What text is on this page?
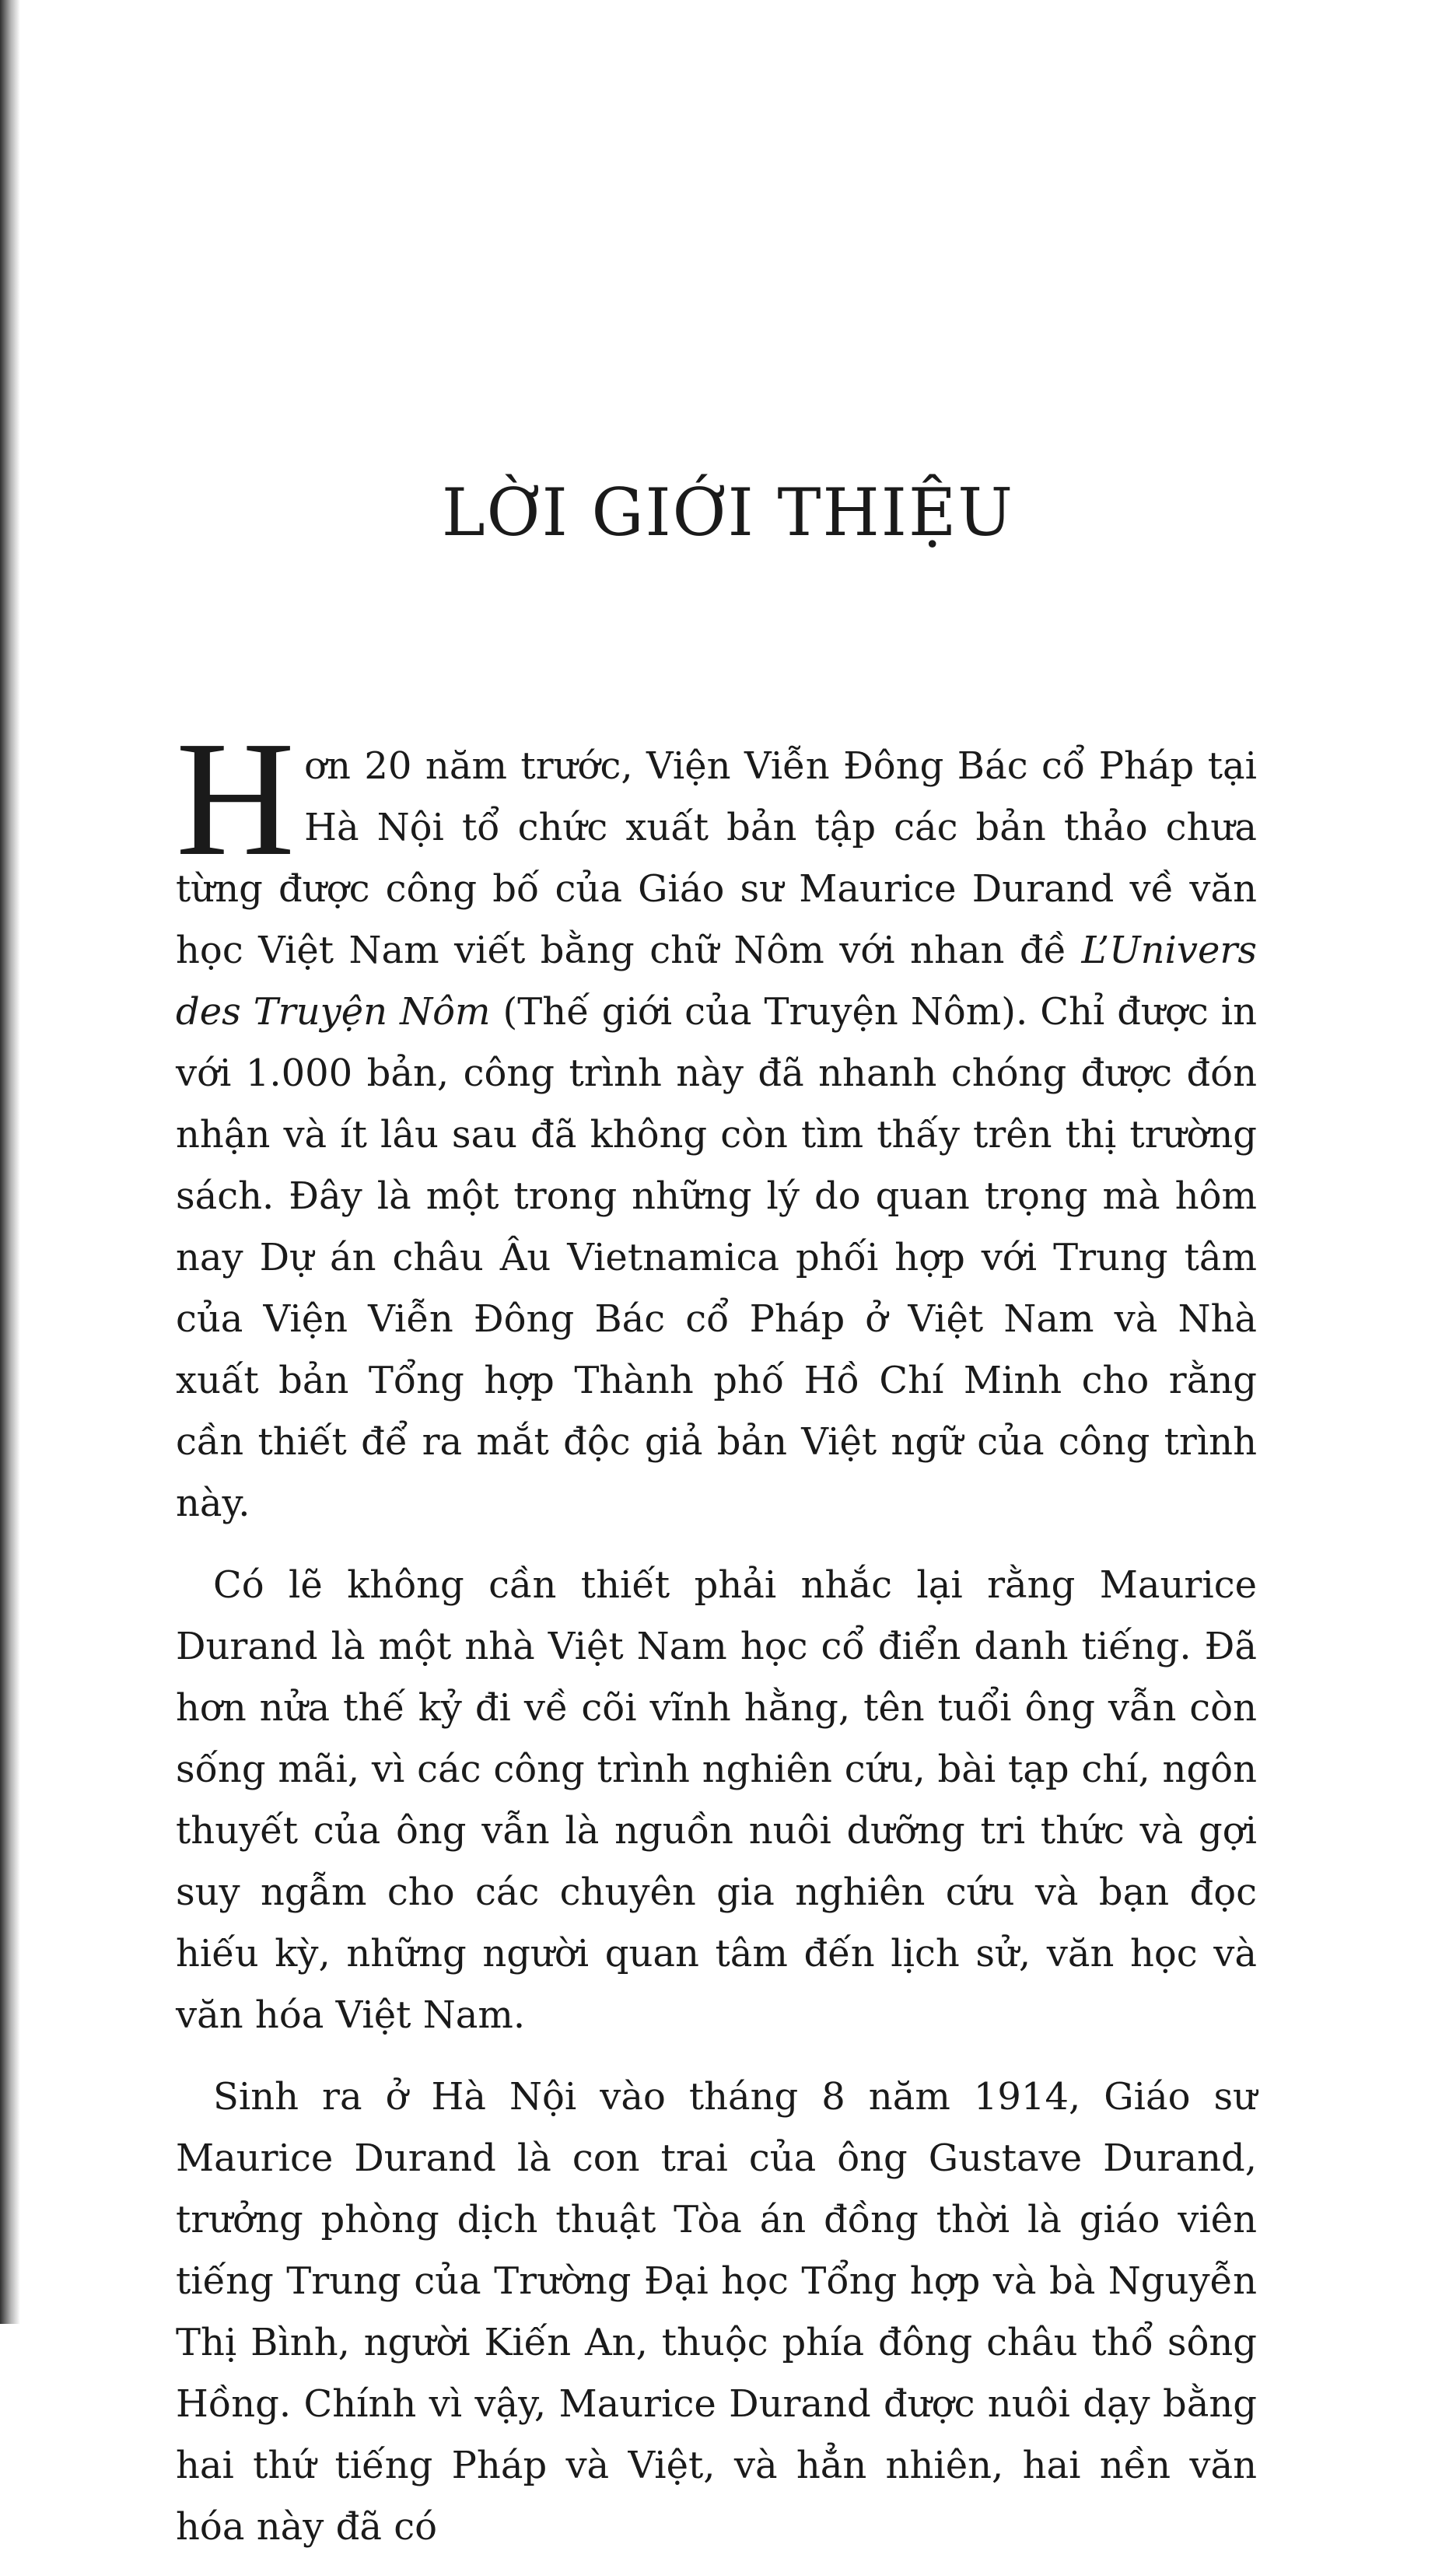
LỜI GIỚI THIỆU

Hơn 20 năm trước, Viện Viễn Đông Bác cổ Pháp tại Hà Nội tổ chức xuất bản tập các bản thảo chưa từng được công bố của Giáo sư Maurice Durand về văn học Việt Nam viết bằng chữ Nôm với nhan đề L’Univers des Truyện Nôm (Thế giới của Truyện Nôm). Chỉ được in với 1.000 bản, công trình này đã nhanh chóng được đón nhận và ít lâu sau đã không còn tìm thấy trên thị trường sách. Đây là một trong những lý do quan trọng mà hôm nay Dự án châu Âu Vietnamica phối hợp với Trung tâm của Viện Viễn Đông Bác cổ Pháp ở Việt Nam và Nhà xuất bản Tổng hợp Thành phố Hồ Chí Minh cho rằng cần thiết để ra mắt độc giả bản Việt ngữ của công trình này.

Có lẽ không cần thiết phải nhắc lại rằng Maurice Durand là một nhà Việt Nam học cổ điển danh tiếng. Đã hơn nửa thế kỷ đi về cõi vĩnh hằng, tên tuổi ông vẫn còn sống mãi, vì các công trình nghiên cứu, bài tạp chí, ngôn thuyết của ông vẫn là nguồn nuôi dưỡng tri thức và gợi suy ngẫm cho các chuyên gia nghiên cứu và bạn đọc hiếu kỳ, những người quan tâm đến lịch sử, văn học và văn hóa Việt Nam.

Sinh ra ở Hà Nội vào tháng 8 năm 1914, Giáo sư Maurice Durand là con trai của ông Gustave Durand, trưởng phòng dịch thuật Tòa án đồng thời là giáo viên tiếng Trung của Trường Đại học Tổng hợp và bà Nguyễn Thị Bình, người Kiến An, thuộc phía đông châu thổ sông Hồng. Chính vì vậy, Maurice Durand được nuôi dạy bằng hai thứ tiếng Pháp và Việt, và hẳn nhiên, hai nền văn hóa này đã có
